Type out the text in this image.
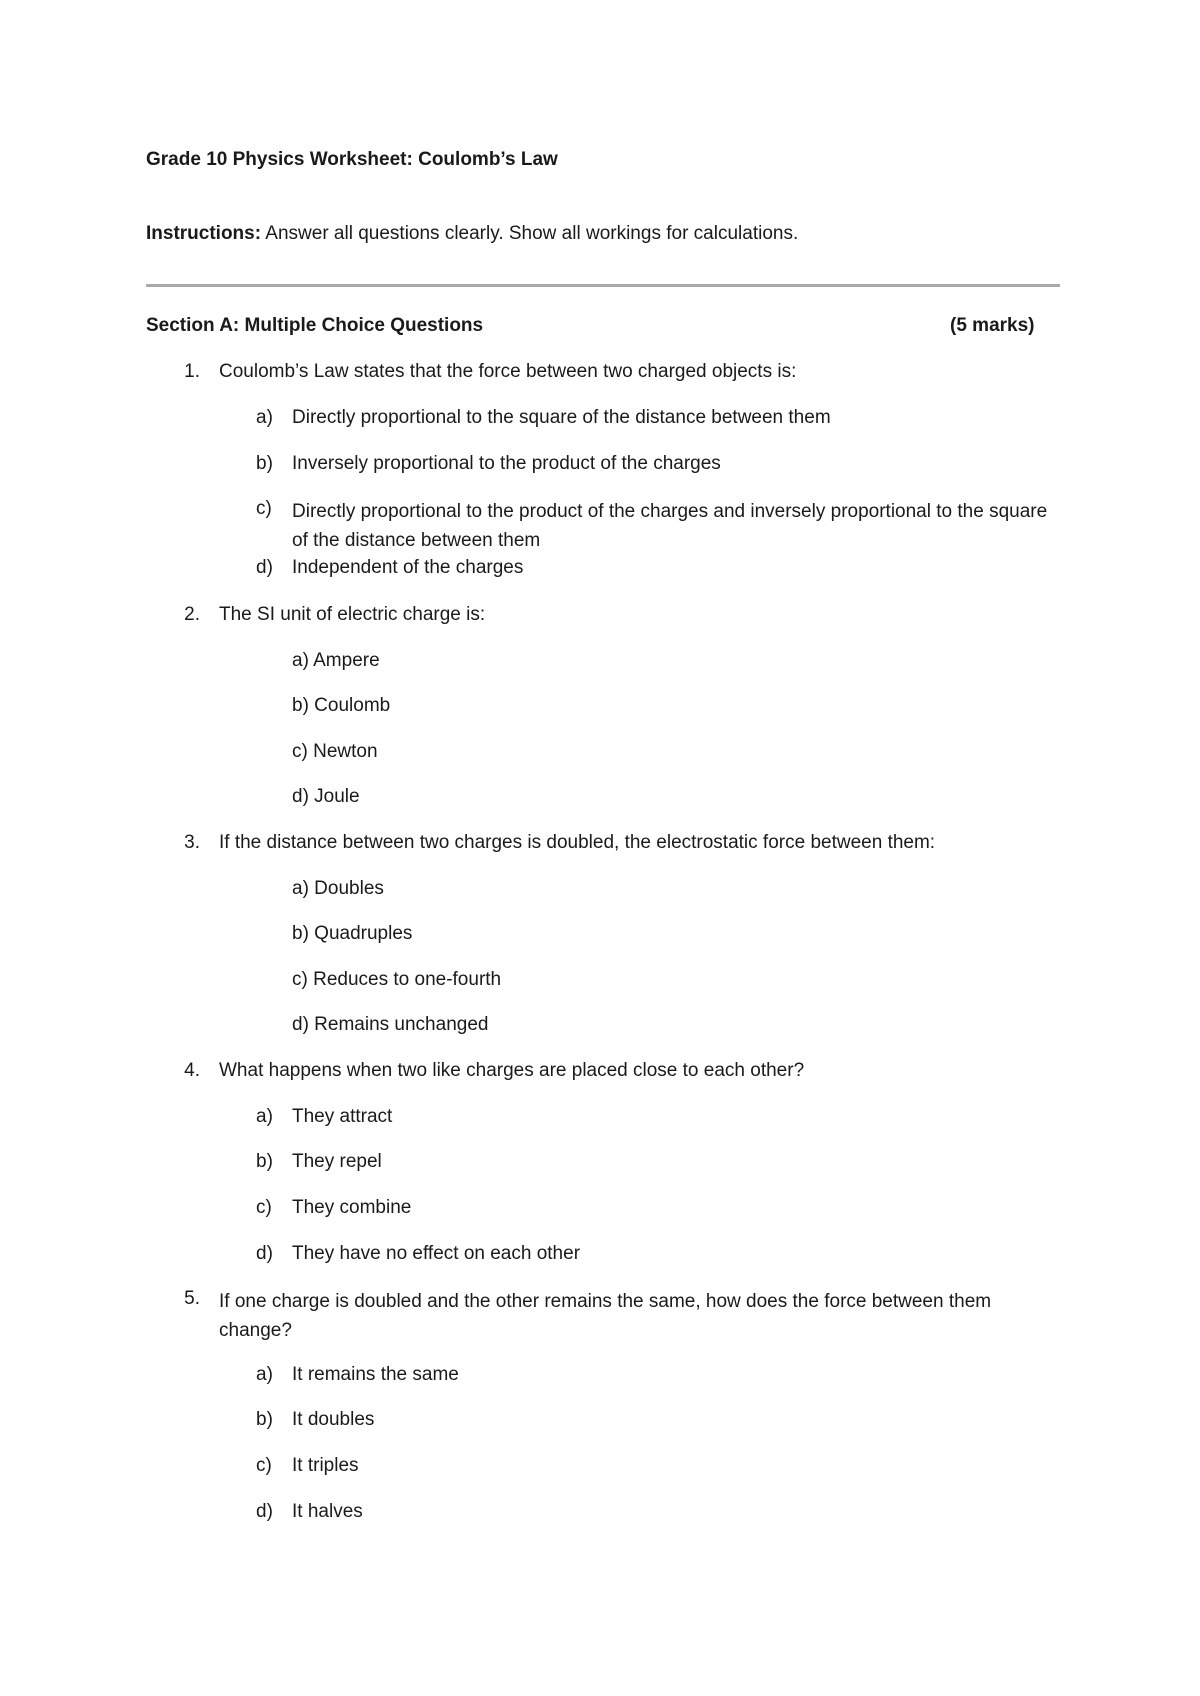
Grade 10 Physics Worksheet: Coulomb’s Law
Instructions: Answer all questions clearly. Show all workings for calculations.
Section A: Multiple Choice Questions	(5 marks)
1. Coulomb’s Law states that the force between two charged objects is:
a) Directly proportional to the square of the distance between them
b) Inversely proportional to the product of the charges
c) Directly proportional to the product of the charges and inversely proportional to the square of the distance between them
d) Independent of the charges
2. The SI unit of electric charge is:
a) Ampere
b) Coulomb
c) Newton
d) Joule
3. If the distance between two charges is doubled, the electrostatic force between them:
a) Doubles
b) Quadruples
c) Reduces to one-fourth
d) Remains unchanged
4. What happens when two like charges are placed close to each other?
a) They attract
b) They repel
c) They combine
d) They have no effect on each other
5. If one charge is doubled and the other remains the same, how does the force between them change?
a) It remains the same
b) It doubles
c) It triples
d) It halves
